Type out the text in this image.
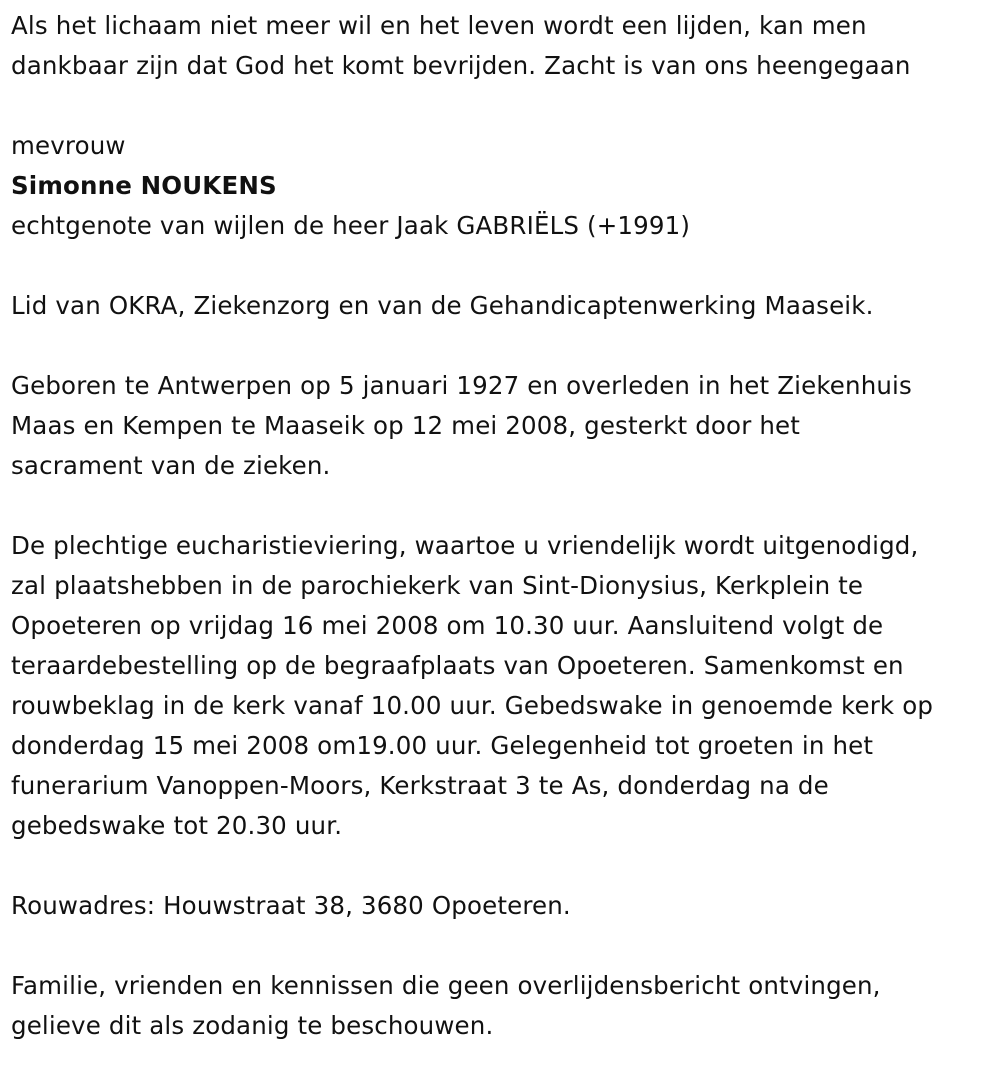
Als het lichaam niet meer wil en het leven wordt een lijden, kan men
dankbaar zijn dat God het komt bevrijden. Zacht is van ons heengegaan
mevrouw
Simonne NOUKENS
echtgenote van wijlen de heer Jaak GABRIËLS (+1991)
Lid van OKRA, Ziekenzorg en van de Gehandicaptenwerking Maaseik.
Geboren te Antwerpen op 5 januari 1927 en overleden in het Ziekenhuis
Maas en Kempen te Maaseik op 12 mei 2008, gesterkt door het
sacrament van de zieken.
De plechtige eucharistieviering, waartoe u vriendelijk wordt uitgenodigd,
zal plaatshebben in de parochiekerk van Sint-Dionysius, Kerkplein te
Opoeteren op vrijdag 16 mei 2008 om 10.30 uur. Aansluitend volgt de
teraardebestelling op de begraafplaats van Opoeteren. Samenkomst en
rouwbeklag in de kerk vanaf 10.00 uur. Gebedswake in genoemde kerk op
donderdag 15 mei 2008 om19.00 uur. Gelegenheid tot groeten in het
funerarium Vanoppen-Moors, Kerkstraat 3 te As, donderdag na de
gebedswake tot 20.30 uur.
Rouwadres: Houwstraat 38, 3680 Opoeteren.
Familie, vrienden en kennissen die geen overlijdensbericht ontvingen,
gelieve dit als zodanig te beschouwen.
